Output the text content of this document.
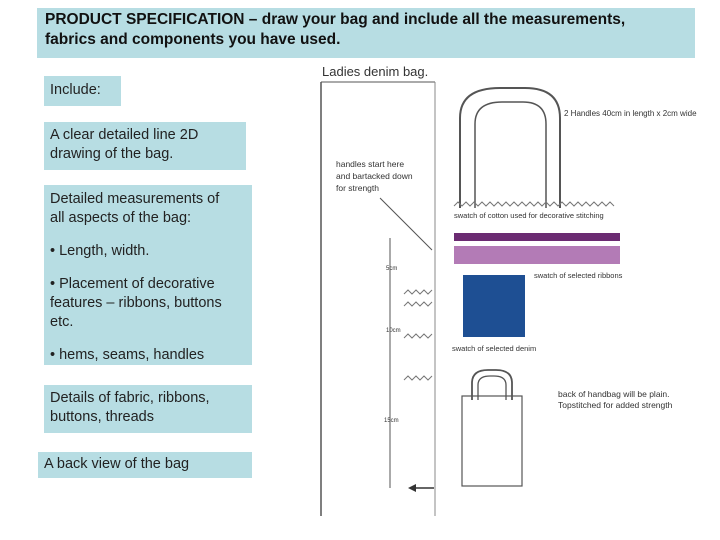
PRODUCT SPECIFICATION – draw your bag and include all the measurements,
fabrics and components you have used.
Include:
A clear detailed line 2D
drawing of the bag.

Detailed measurements of
all aspects of the bag:

• Length, width.

• Placement of decorative
features – ribbons, buttons
etc.

• hems, seams, handles

Details of fabric, ribbons,
buttons, threads
A back view of the bag
Ladies denim bag.
2 Handles 40cm in length x 2cm wide
handles start here
and bartacked down
for strength
swatch of cotton used for decorative stitching
swatch of selected ribbons
swatch of selected denim
5cm
10cm
15cm
back of handbag will be plain.
Topstitched for added strength
